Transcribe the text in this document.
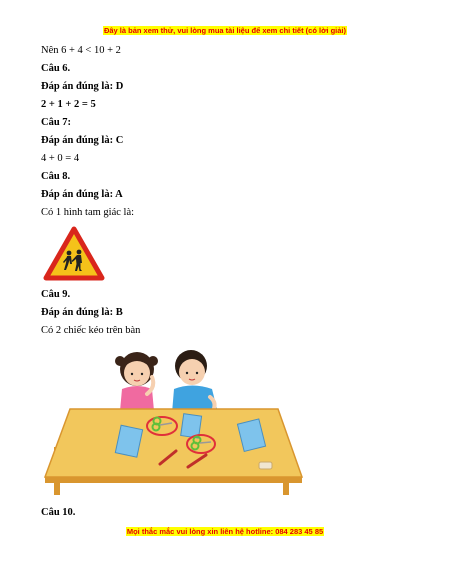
Đây là bản xem thử, vui lòng mua tài liệu để xem chi tiết (có lời giải)
Nên 6 + 4 < 10 + 2
Câu 6.
Đáp án đúng là: D
2 + 1 + 2 = 5
Câu 7:
Đáp án đúng là: C
4 + 0 = 4
Câu 8.
Đáp án đúng là: A
Có 1 hình tam giác là:
Câu 9.
Đáp án đúng là: B
Có 2 chiếc kéo trên bàn
Câu 10.
Mọi thắc mắc vui lòng xin liên hệ hotline: 084 283 45 85
